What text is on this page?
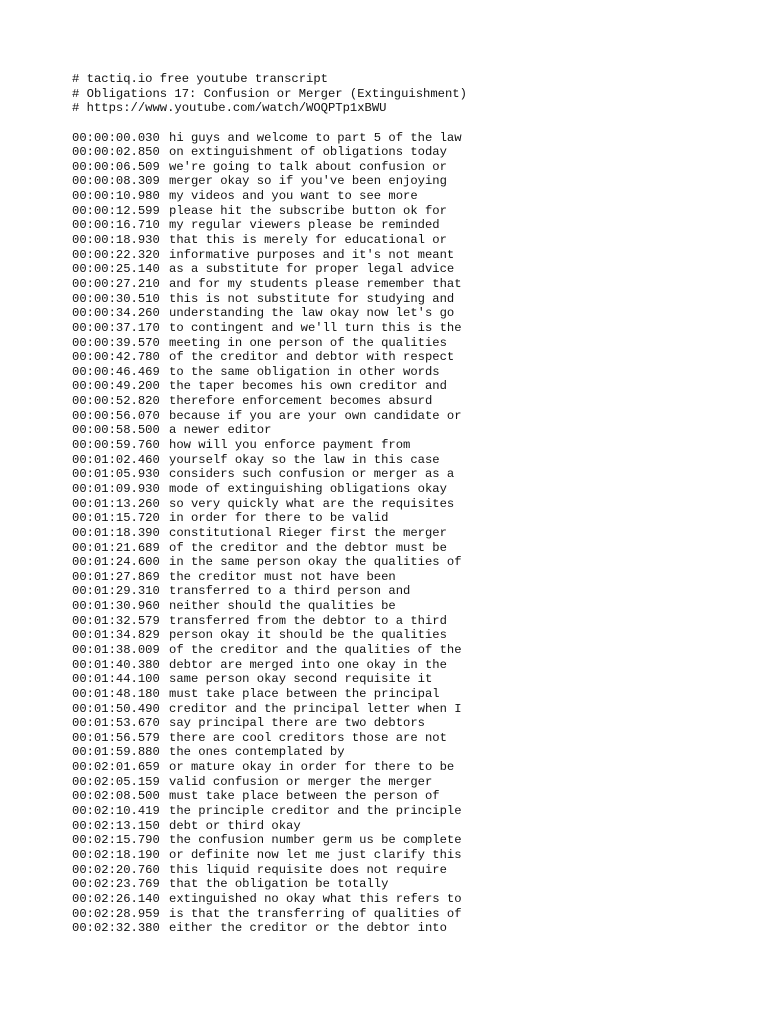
# tactiq.io free youtube transcript
# Obligations 17: Confusion or Merger (Extinguishment)
# https://www.youtube.com/watch/WOQPTp1xBWU
00:00:00.030 hi guys and welcome to part 5 of the law
00:00:02.850 on extinguishment of obligations today
00:00:06.509 we're going to talk about confusion or
00:00:08.309 merger okay so if you've been enjoying
00:00:10.980 my videos and you want to see more
00:00:12.599 please hit the subscribe button ok for
00:00:16.710 my regular viewers please be reminded
00:00:18.930 that this is merely for educational or
00:00:22.320 informative purposes and it's not meant
00:00:25.140 as a substitute for proper legal advice
00:00:27.210 and for my students please remember that
00:00:30.510 this is not substitute for studying and
00:00:34.260 understanding the law okay now let's go
00:00:37.170 to contingent and we'll turn this is the
00:00:39.570 meeting in one person of the qualities
00:00:42.780 of the creditor and debtor with respect
00:00:46.469 to the same obligation in other words
00:00:49.200 the taper becomes his own creditor and
00:00:52.820 therefore enforcement becomes absurd
00:00:56.070 because if you are your own candidate or
00:00:58.500 a newer editor
00:00:59.760 how will you enforce payment from
00:01:02.460 yourself okay so the law in this case
00:01:05.930 considers such confusion or merger as a
00:01:09.930 mode of extinguishing obligations okay
00:01:13.260 so very quickly what are the requisites
00:01:15.720 in order for there to be valid
00:01:18.390 constitutional Rieger first the merger
00:01:21.689 of the creditor and the debtor must be
00:01:24.600 in the same person okay the qualities of
00:01:27.869 the creditor must not have been
00:01:29.310 transferred to a third person and
00:01:30.960 neither should the qualities be
00:01:32.579 transferred from the debtor to a third
00:01:34.829 person okay it should be the qualities
00:01:38.009 of the creditor and the qualities of the
00:01:40.380 debtor are merged into one okay in the
00:01:44.100 same person okay second requisite it
00:01:48.180 must take place between the principal
00:01:50.490 creditor and the principal letter when I
00:01:53.670 say principal there are two debtors
00:01:56.579 there are cool creditors those are not
00:01:59.880 the ones contemplated by
00:02:01.659 or mature okay in order for there to be
00:02:05.159 valid confusion or merger the merger
00:02:08.500 must take place between the person of
00:02:10.419 the principle creditor and the principle
00:02:13.150 debt or third okay
00:02:15.790 the confusion number germ us be complete
00:02:18.190 or definite now let me just clarify this
00:02:20.760 this liquid requisite does not require
00:02:23.769 that the obligation be totally
00:02:26.140 extinguished no okay what this refers to
00:02:28.959 is that the transferring of qualities of
00:02:32.380 either the creditor or the debtor into
